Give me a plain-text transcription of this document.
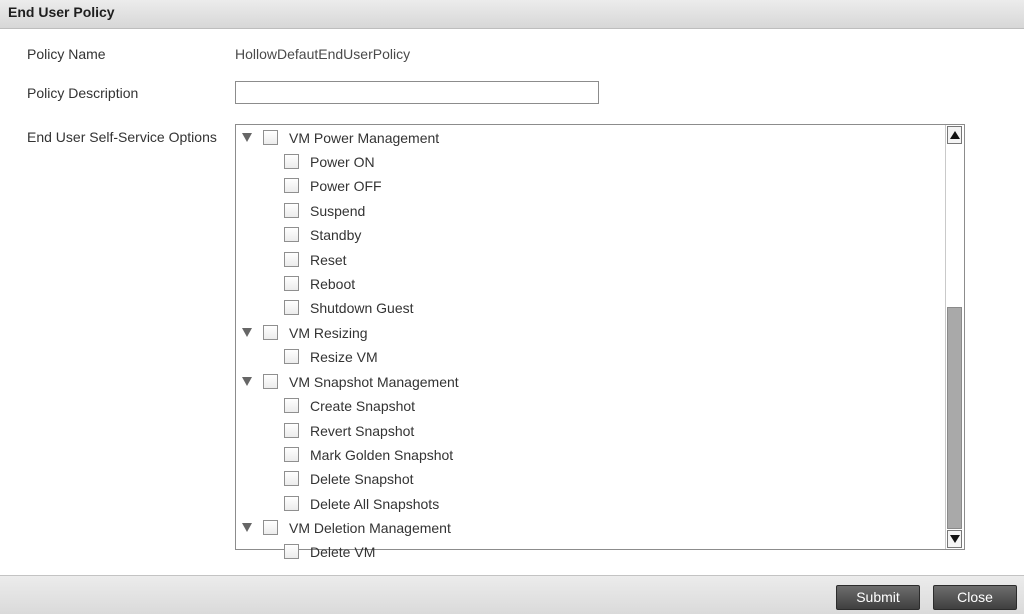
End User Policy
Policy Name	HollowDefautEndUserPolicy
Policy Description
End User Self-Service Options	VM Power Management
Power ON
Power OFF
Suspend
Standby
Reset
Reboot
Shutdown Guest
VM Resizing
Resize VM
VM Snapshot Management
Create Snapshot
Revert Snapshot
Mark Golden Snapshot
Delete Snapshot
Delete All Snapshots
VM Deletion Management
Delete VM
Submit	Close
